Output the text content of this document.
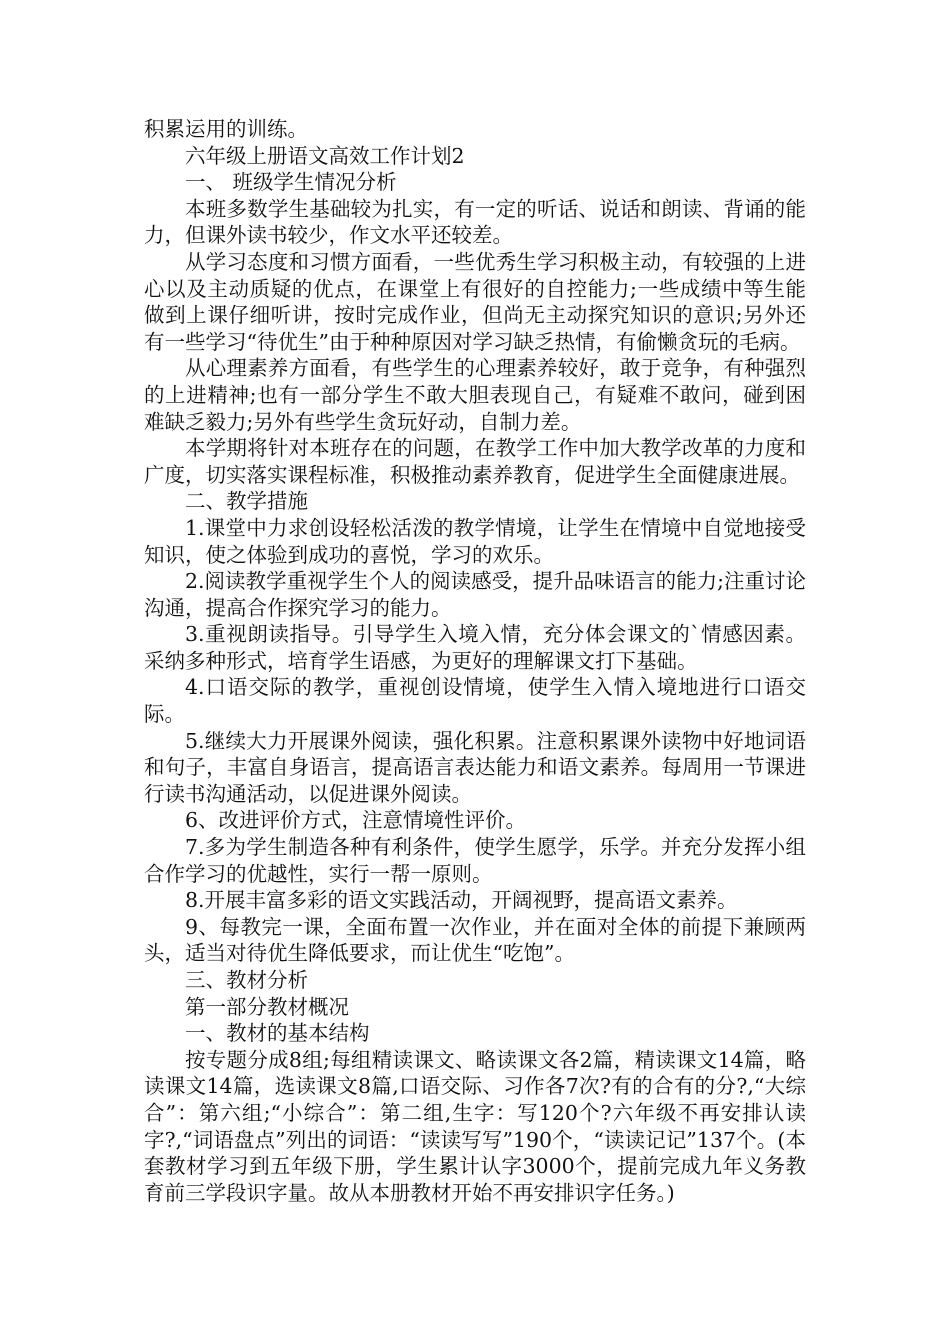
积累运用的训练。

六年级上册语文高效工作计划2

一、 班级学生情况分析

本班多数学生基础较为扎实，有一定的听话、说话和朗读、背诵的能力，但课外读书较少，作文水平还较差。

从学习态度和习惯方面看，一些优秀生学习积极主动，有较强的上进心以及主动质疑的优点，在课堂上有很好的自控能力;一些成绩中等生能做到上课仔细听讲，按时完成作业，但尚无主动探究知识的意识;另外还有一些学习“待优生”由于种种原因对学习缺乏热情，有偷懒贪玩的毛病。

从心理素养方面看，有些学生的心理素养较好，敢于竞争，有种强烈的上进精神;也有一部分学生不敢大胆表现自己，有疑难不敢问，碰到困难缺乏毅力;另外有些学生贪玩好动，自制力差。

本学期将针对本班存在的问题，在教学工作中加大教学改革的力度和广度，切实落实课程标准，积极推动素养教育，促进学生全面健康进展。

二、教学措施

1.课堂中力求创设轻松活泼的教学情境，让学生在情境中自觉地接受知识，使之体验到成功的喜悦，学习的欢乐。

2.阅读教学重视学生个人的阅读感受，提升品味语言的能力;注重讨论沟通，提高合作探究学习的能力。

3.重视朗读指导。引导学生入境入情，充分体会课文的`情感因素。采纳多种形式，培育学生语感，为更好的理解课文打下基础。

4.口语交际的教学，重视创设情境，使学生入情入境地进行口语交际。

5.继续大力开展课外阅读，强化积累。注意积累课外读物中好地词语和句子，丰富自身语言，提高语言表达能力和语文素养。每周用一节课进行读书沟通活动，以促进课外阅读。

6、改进评价方式，注意情境性评价。

7.多为学生制造各种有利条件，使学生愿学，乐学。并充分发挥小组合作学习的优越性，实行一帮一原则。

8.开展丰富多彩的语文实践活动，开阔视野，提高语文素养。

9、每教完一课，全面布置一次作业，并在面对全体的前提下兼顾两头，适当对待优生降低要求，而让优生“吃饱”。

三、教材分析

第一部分教材概况

一、教材的基本结构

按专题分成8组;每组精读课文、略读课文各2篇，精读课文14篇，略读课文14篇，选读课文8篇,口语交际、习作各7次?有的合有的分?,“大综合”：第六组;“小综合”：第二组,生字：写120个?六年级不再安排认读字?,“词语盘点”列出的词语：“读读写写”190个，“读读记记”137个。(本套教材学习到五年级下册，学生累计认字3000个，提前完成九年义务教育前三学段识字量。故从本册教材开始不再安排识字任务。)
